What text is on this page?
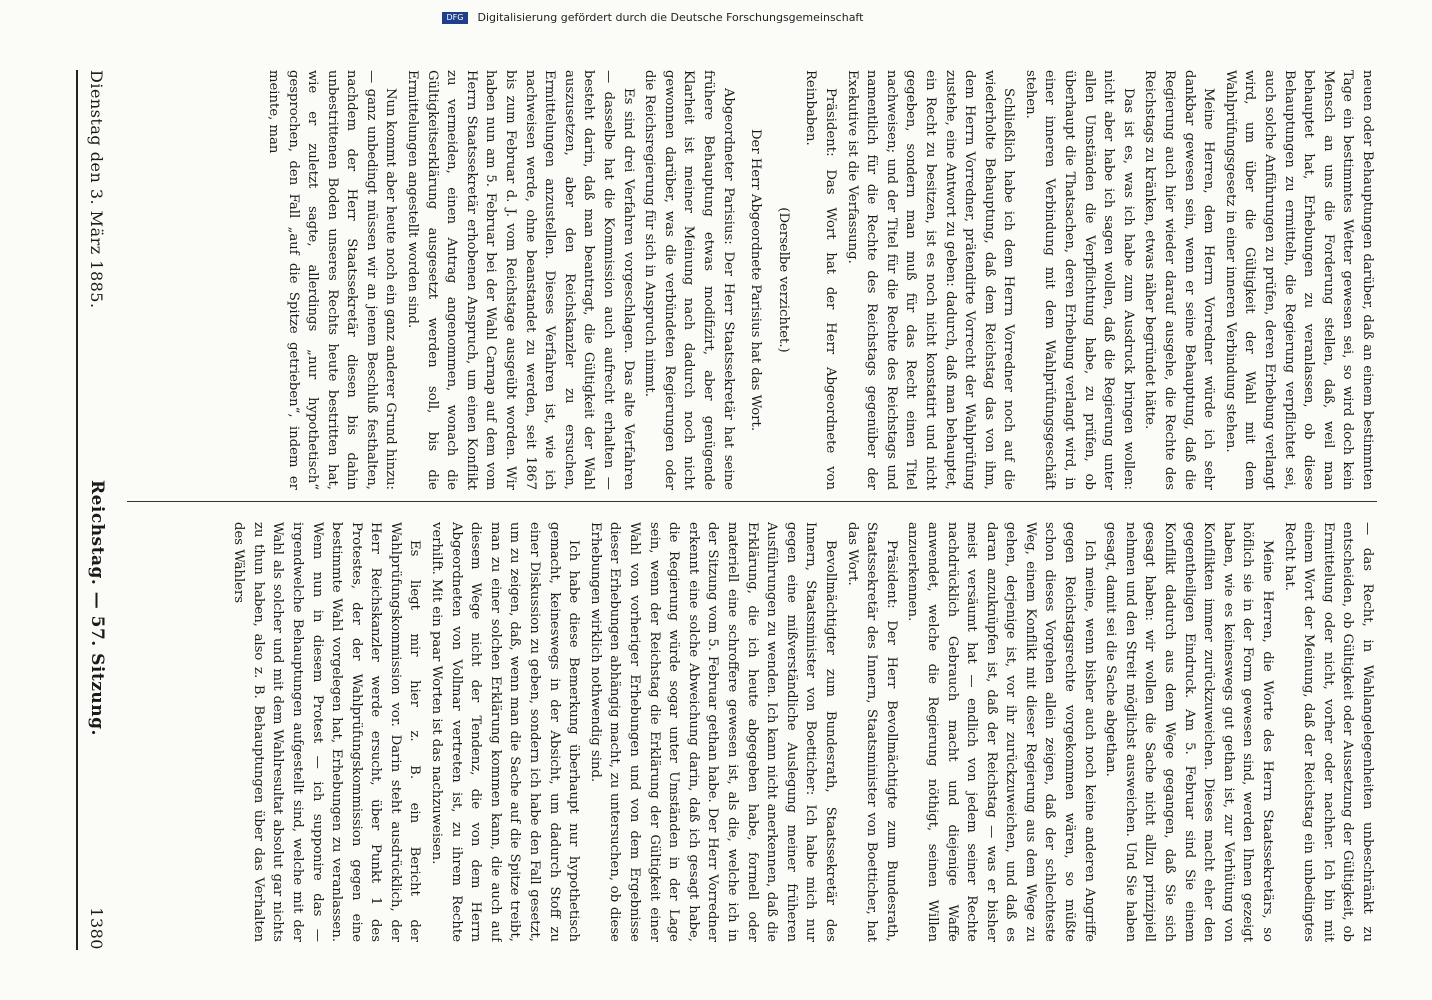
DFG Digitalisierung gefördert durch die Deutsche Forschungsgemeinschaft

neuen oder Behauptungen darüber, daß an einem bestimmten Tage ein bestimmtes Wetter gewesen sei, so wird doch kein Mensch an uns die Forderung stellen, daß, weil man behauptet hat, Erhebungen zu veranlassen, ob diese Behauptungen zu ermitteln, die Regierung verpflichtet sei, auch solche Anführungen zu prüfen, deren Erhebung verlangt wird, um über die Gültigkeit der Wahl mit dem Wahlprüfungsgesetz in einer inneren Verbindung stehen.

Meine Herren, dem Herrn Vorredner würde ich sehr dankbar gewesen sein, wenn er seine Behauptung, daß die Regierung auch hier wieder darauf ausgehe, die Rechte des Reichstags zu kränken, etwas näher begründet hätte.

Das ist es, was ich habe zum Ausdruck bringen wollen: nicht aber habe ich sagen wollen, daß die Regierung unter allen Umständen die Verpflichtung habe, zu prüfen, ob überhaupt die Thatsachen, deren Erhebung verlangt wird, in einer inneren Verbindung mit dem Wahlprüfungsgeschäft stehen.

Schließlich habe ich dem Herrn Vorredner noch auf die wiederholte Behauptung, daß dem Reichstag das von ihm, dem Herrn Vorredner, prätendirte Vorrecht der Wahlprüfung zustehe, eine Antwort zu geben: dadurch, daß man behauptet, ein Recht zu besitzen, ist es noch nicht konstatirt und nicht gegeben, sondern man muß für das Recht einen Titel nachweisen; und der Titel für die Rechte des Reichstags und namentlich für die Rechte des Reichstags gegenüber der Exekutive ist die Verfassung.

Präsident: Das Wort hat der Herr Abgeordnete von Reinbaben.

(Derselbe verzichtet.)

Der Herr Abgeordnete Parisius hat das Wort.

Abgeordneter Parisius: Der Herr Staatssekretär hat seine frühere Behauptung etwas modifizirt, aber genügende Klarheit ist meiner Meinung nach dadurch noch nicht gewonnen darüber, was die verbündeten Regierungen oder die Reichsregierung für sich in Anspruch nimmt.

Es sind drei Verfahren vorgeschlagen. Das alte Verfahren — dasselbe hat die Kommission auch aufrecht erhalten — besteht darin, daß man beantragt, die Gültigkeit der Wahl auszusetzen, aber den Reichskanzler zu ersuchen, Ermittelungen anzustellen. Dieses Verfahren ist, wie ich nachweisen werde, ohne beanstandet zu werden, seit 1867 bis zum Februar d. J. vom Reichstage ausgeübt worden. Wir haben nun am 5. Februar bei der Wahl Carnap auf dem vom Herrn Staatssekretär erhobenen Anspruch, um einen Konflikt zu vermeiden, einen Antrag angenommen, wonach die Gültigkeitserklärung ausgesetzt werden soll, bis die Ermittelungen angestellt worden sind.

Nun kommt aber heute noch ein ganz anderer Grund hinzu: — ganz unbedingt müssen wir an jenem Beschluß festhalten, nachdem der Herr Staatssekretär diesen bis dahin unbestrittenen Boden unseres Rechts heute bestritten hat, wie er zuletzt sagte, allerdings „nur hypothetisch“ gesprochen, den Fall „auf die Spitze getrieben“, indem er meinte, man

— das Recht, in Wahlangelegenheiten unbeschränkt zu entscheiden, ob Gültigkeit oder Aussetzung der Gültigkeit, ob Ermittelung oder nicht, vorher oder nachher. Ich bin mit einem Wort der Meinung, daß der Reichstag ein unbedingtes Recht hat.

Meine Herren, die Worte des Herrn Staatssekretärs, so höflich sie in der Form gewesen sind, werden Ihnen gezeigt haben, wie es keineswegs gut gethan ist, zur Verhütung von Konflikten immer zurückzuweichen. Dieses macht eher den gegentheiligen Eindruck. Am 5. Februar sind Sie einem Konflikt dadurch aus dem Wege gegangen, daß Sie sich gesagt haben: wir wollen die Sache nicht allzu prinzipiell nehmen und den Streit möglichst ausweichen. Und Sie haben gesagt, damit sei die Sache abgethan.

Ich meine, wenn bisher auch noch keine anderen Angriffe gegen Reichstagsrechte vorgekommen wären, so müßte schon dieses Vorgehen allein zeigen, daß der schlechteste Weg, einem Konflikt mit dieser Regierung aus dem Wege zu gehen, derjenige ist, vor ihr zurückzuweichen, und daß es daran anzuknüpfen ist, daß der Reichstag — was er bisher meist versäumt hat — endlich von jedem seiner Rechte nachdrücklich Gebrauch macht und diejenige Waffe anwendet, welche die Regierung nöthigt, seinen Willen anzuerkennen.

Präsident: Der Herr Bevollmächtigte zum Bundesrath, Staatssekretär des Innern, Staatsminister von Boetticher, hat das Wort.

Bevollmächtigter zum Bundesrath, Staatssekretär des Innern, Staatsminister von Boetticher: Ich habe mich nur gegen eine mißverständliche Auslegung meiner früheren Ausführungen zu wenden. Ich kann nicht anerkennen, daß die Erklärung, die ich heute abgegeben habe, formell oder materiell eine schroffere gewesen ist, als die, welche ich in der Sitzung vom 5. Februar gethan habe. Der Herr Vorredner erkennt eine solche Abweichung darin, daß ich gesagt habe, die Regierung würde sogar unter Umständen in der Lage sein, wenn der Reichstag die Erklärung der Gültigkeit einer Wahl von vorheriger Erhebungen und von dem Ergebnisse dieser Erhebungen abhängig macht, zu untersuchen, ob diese Erhebungen wirklich nothwendig sind.

Ich habe diese Bemerkung überhaupt nur hypothetisch gemacht, keineswegs in der Absicht, um dadurch Stoff zu einer Diskussion zu geben, sondern ich habe den Fall gesetzt, um zu zeigen, daß, wenn man die Sache auf die Spitze treibt, man zu einer solchen Erklärung kommen kann, die auch auf diesem Wege nicht der Tendenz, die von dem Herrn Abgeordneten von Vollmar vertreten ist, zu ihrem Rechte verhilft. Mit ein paar Worten ist das nachzuweisen.

Es liegt mir hier z. B. ein Bericht der Wahlprüfungskommission vor. Darin steht ausdrücklich, der Herr Reichskanzler werde ersucht, über Punkt 1 des Protestes, der der Wahlprüfungskommission gegen eine bestimmte Wahl vorgelegen hat, Erhebungen zu veranlassen. Wenn nun in diesem Protest — ich supponire das — irgendwelche Behauptungen aufgestellt sind, welche mit der Wahl als solcher und mit dem Wahlresultat absolut gar nichts zu thun haben, also z. B. Behauptungen über das Verhalten des Wählers

Dienstag den 3. März 1885.
Reichstag. — 57. Sitzung.
1380
